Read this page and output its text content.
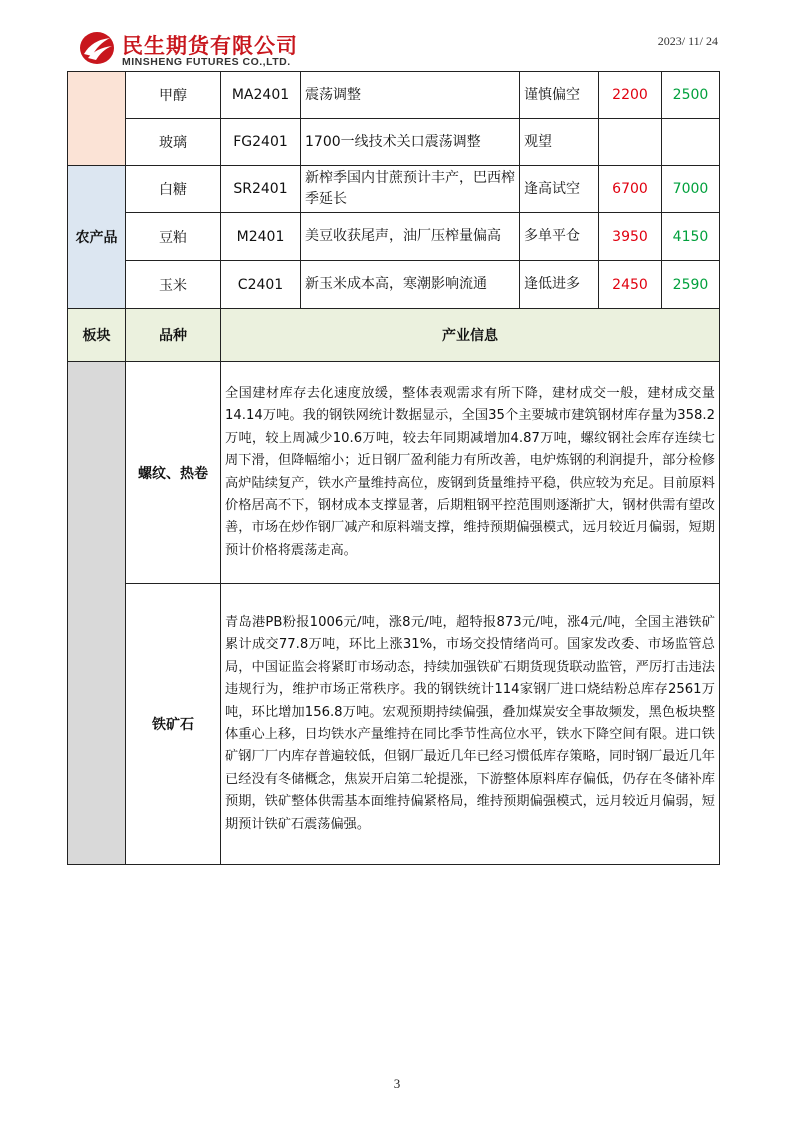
民生期货有限公司
MINSHENG FUTURES CO.,LTD.
2023/ 11/ 24
	甲醇	MA2401	震荡调整	谨慎偏空	2200	2500
	玻璃	FG2401	1700一线技术关口震荡调整	观望		
农产品	白糖	SR2401	新榨季国内甘蔗预计丰产，巴西榨季延长	逢高试空	6700	7000
	豆粕	M2401	美豆收获尾声，油厂压榨量偏高	多单平仓	3950	4150
	玉米	C2401	新玉米成本高，寒潮影响流通	逢低进多	2450	2590
板块	品种	产业信息				
	螺纹、热卷	全国建材库存去化速度放缓，整体表观需求有所下降，建材成交一般，建材成交量14.14万吨。我的钢铁网统计数据显示，全国35个主要城市建筑钢材库存量为358.2 万吨，较上周减少10.6万吨，较去年同期减增加4.87万吨，螺纹钢社会库存连续七周下滑，但降幅缩小；近日钢厂盈利能力有所改善，电炉炼钢的利润提升，部分检修高炉陆续复产，铁水产量维持高位，废钢到货量维持平稳，供应较为充足。目前原料价格居高不下，钢材成本支撑显著，后期粗钢平控范围则逐渐扩大，钢材供需有望改善，市场在炒作钢厂减产和原料端支撑，维持预期偏强模式，远月较近月偏弱，短期预计价格将震荡走高。				
	铁矿石	青岛港PB粉报1006元/吨，涨8元/吨，超特报873元/吨，涨4元/吨，全国主港铁矿累计成交77.8万吨，环比上涨31%，市场交投情绪尚可。国家发改委、市场监管总局，中国证监会将紧盯市场动态，持续加强铁矿石期货现货联动监管，严厉打击违法违规行为，维护市场正常秩序。我的钢铁统计114家钢厂进口烧结粉总库存2561万吨，环比增加156.8万吨。宏观预期持续偏强，叠加煤炭安全事故频发，黑色板块整体重心上移，日均铁水产量维持在同比季节性高位水平，铁水下降空间有限。进口铁矿钢厂厂内库存普遍较低，但钢厂最近几年已经习惯低库存策略，同时钢厂最近几年已经没有冬储概念，焦炭开启第二轮提涨，下游整体原料库存偏低，仍存在冬储补库预期，铁矿整体供需基本面维持偏紧格局，维持预期偏强模式，远月较近月偏弱，短期预计铁矿石震荡偏强。				
3
